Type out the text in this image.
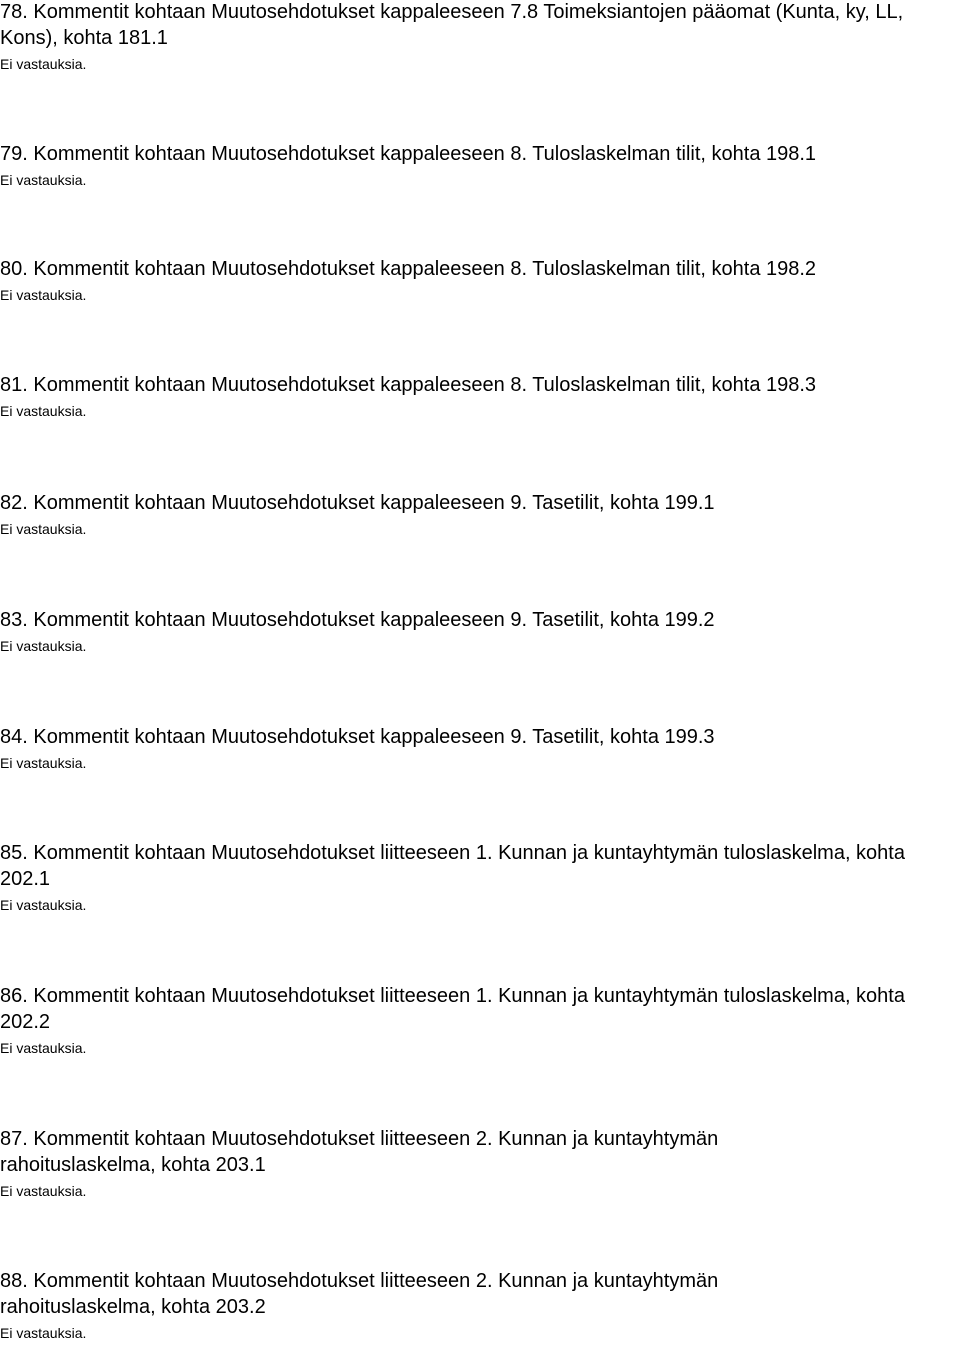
78. Kommentit kohtaan Muutosehdotukset kappaleeseen 7.8 Toimeksiantojen pääomat (Kunta, ky, LL, Kons), kohta 181.1

Ei vastauksia.

79. Kommentit kohtaan Muutosehdotukset kappaleeseen 8. Tuloslaskelman tilit, kohta 198.1

Ei vastauksia.

80. Kommentit kohtaan Muutosehdotukset kappaleeseen 8. Tuloslaskelman tilit, kohta 198.2

Ei vastauksia.

81. Kommentit kohtaan Muutosehdotukset kappaleeseen 8. Tuloslaskelman tilit, kohta 198.3

Ei vastauksia.

82. Kommentit kohtaan Muutosehdotukset kappaleeseen 9. Tasetilit, kohta 199.1

Ei vastauksia.

83. Kommentit kohtaan Muutosehdotukset kappaleeseen 9. Tasetilit, kohta 199.2

Ei vastauksia.

84. Kommentit kohtaan Muutosehdotukset kappaleeseen 9. Tasetilit, kohta 199.3

Ei vastauksia.

85. Kommentit kohtaan Muutosehdotukset liitteeseen 1. Kunnan ja kuntayhtymän tuloslaskelma, kohta 202.1

Ei vastauksia.

86. Kommentit kohtaan Muutosehdotukset liitteeseen 1. Kunnan ja kuntayhtymän tuloslaskelma, kohta 202.2

Ei vastauksia.

87. Kommentit kohtaan Muutosehdotukset liitteeseen 2. Kunnan ja kuntayhtymän rahoituslaskelma, kohta 203.1

Ei vastauksia.

88. Kommentit kohtaan Muutosehdotukset liitteeseen 2. Kunnan ja kuntayhtymän rahoituslaskelma, kohta 203.2

Ei vastauksia.
